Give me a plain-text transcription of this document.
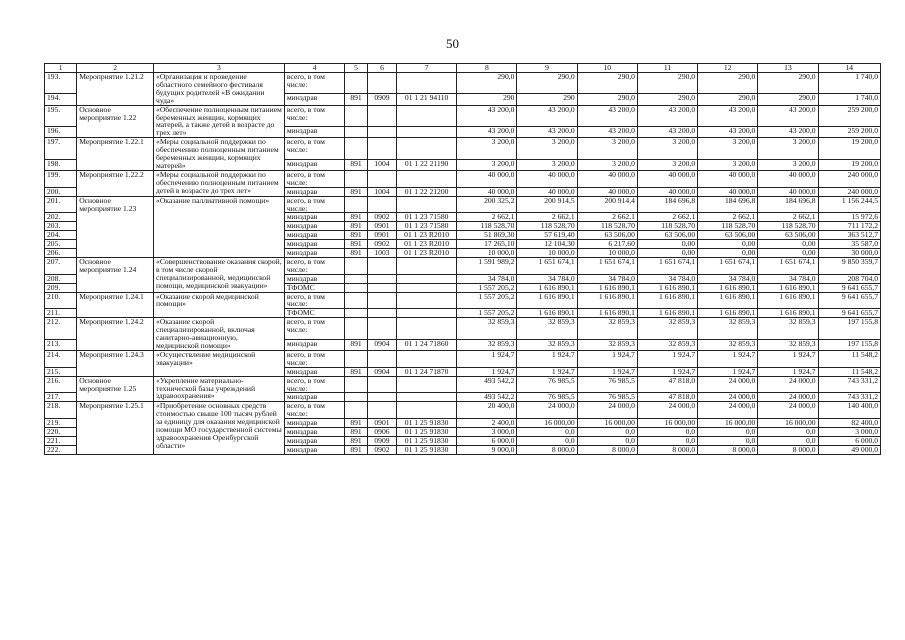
50
1	2	3	4	5	6	7	8	9	10	11	12	13	14
193.	Мероприятие 1.21.2	«Организация и проведение областного семейного фестиваля будущих родителей «В ожидании чуда»	всего, в том числе:				290,0	290,0	290,0	290,0	290,0	290,0	1 740,0
194.			минздрав	891	0909	01 1 21 94110	290	290	290,0	290,0	290,0	290,0	1 740,0
195.	Основное мероприятие 1.22	«Обеспечение полноценным питанием беременных женщин, кормящих матерей, а также детей в возрасте до трех лет»	всего, в том числе:				43 200,0	43 200,0	43 200,0	43 200,0	43 200,0	43 200,0	259 200,0
196.			минздрав				43 200,0	43 200,0	43 200,0	43 200,0	43 200,0	43 200,0	259 200,0
197.	Мероприятие 1.22.1	«Меры социальной поддержки по обеспечению полноценным питанием беременных женщин, кормящих матерей»	всего, в том числе:				3 200,0	3 200,0	3 200,0	3 200,0	3 200,0	3 200,0	19 200,0
198.			минздрав	891	1004	01 1 22 21190	3 200,0	3 200,0	3 200,0	3 200,0	3 200,0	3 200,0	19 200,0
199.	Мероприятие 1.22.2	«Меры социальной поддержки по обеспечению полноценным питанием детей в возрасте до трех лет»	всего, в том числе:				40 000,0	40 000,0	40 000,0	40 000,0	40 000,0	40 000,0	240 000,0
200.			минздрав	891	1004	01 1 22 21200	40 000,0	40 000,0	40 000,0	40 000,0	40 000,0	40 000,0	240 000,0
201.	Основное мероприятие 1.23	«Оказание паллиативной помощи»	всего, в том числе:				200 325,2	200 914,5	200 914,4	184 696,8	184 696,8	184 696,8	1 156 244,5
202.			минздрав	891	0902	01 1 23 71580	2 662,1	2 662,1	2 662,1	2 662,1	2 662,1	2 662,1	15 972,6
203.			минздрав	891	0901	01 1 23 71580	118 528,70	118 528,70	118 528,70	118 528,70	118 528,70	118 528,70	711 172,2
204.			минздрав	891	0901	01 1 23 R2010	51 869,30	57 619,40	63 506,00	63 506,00	63 506,00	63 506,00	363 512,7
205.			минздрав	891	0902	01 1 23 R2010	17 265,10	12 104,30	6 217,60	0,00	0,00	0,00	35 587,0
206.			минздрав	891	1003	01 1 23 R2010	10 000,0	10 000,0	10 000,0	0,00	0,00	0,00	30 000,0
207.	Основное мероприятие 1.24	«Совершенствование оказания скорой, в том числе скорой специализированной, медицинской помощи, медицинской эвакуации»	всего, в том числе:				1 591 989,2	1 651 674,1	1 651 674,1	1 651 674,1	1 651 674,1	1 651 674,1	9 850 359,7
208.			минздрав				34 784,0	34 784,0	34 784,0	34 784,0	34 784,0	34 784,0	208 704,0
209.			ТФОМС				1 557 205,2	1 616 890,1	1 616 890,1	1 616 890,1	1 616 890,1	1 616 890,1	9 641 655,7
210.	Мероприятие 1.24.1	«Оказание скорой медицинской помощи»	всего, в том числе:				1 557 205,2	1 616 890,1	1 616 890,1	1 616 890,1	1 616 890,1	1 616 890,1	9 641 655,7
211.			ТФОМС				1 557 205,2	1 616 890,1	1 616 890,1	1 616 890,1	1 616 890,1	1 616 890,1	9 641 655,7
212.	Мероприятие 1.24.2	«Оказание скорой специализированной, включая санитарно-авиационную, медицинской помощи»	всего, в том числе:				32 859,3	32 859,3	32 859,3	32 859,3	32 859,3	32 859,3	197 155,8
213.			минздрав	891	0904	01 1 24 71860	32 859,3	32 859,3	32 859,3	32 859,3	32 859,3	32 859,3	197 155,8
214.	Мероприятие 1.24.3	«Осуществление медицинской эвакуации»	всего, в том числе:				1 924,7	1 924,7	1 924,7	1 924,7	1 924,7	1 924,7	11 548,2
215.			минздрав	891	0904	01 1 24 71870	1 924,7	1 924,7	1 924,7	1 924,7	1 924,7	1 924,7	11 548,2
216.	Основное мероприятие 1.25	«Укрепление материально-технической базы учреждений здравоохранения»	всего, в том числе:				493 542,2	76 985,5	76 985,5	47 818,0	24 000,0	24 000,0	743 331,2
217.			минздрав				493 542,2	76 985,5	76 985,5	47 818,0	24 000,0	24 000,0	743 331,2
218.	Мероприятие 1.25.1	«Приобретение основных средств стоимостью свыше 100 тысяч рублей за единицу для оказания медицинской помощи МО государственной системы здравоохранения Оренбургской области»	всего, в том числе:				20 400,0	24 000,0	24 000,0	24 000,0	24 000,0	24 000,0	140 400,0
219.			минздрав	891	0901	01 1 25 91830	2 400,0	16 000,00	16 000,00	16 000,00	16 000,00	16 000,00	82 400,0
220.			минздрав	891	0906	01 1 25 91830	3 000,0	0,0	0,0	0,0	0,0	0,0	3 000,0
221.			минздрав	891	0909	01 1 25 91830	6 000,0	0,0	0,0	0,0	0,0	0,0	6 000,0
222.			минздрав	891	0902	01 1 25 91830	9 000,0	8 000,0	8 000,0	8 000,0	8 000,0	8 000,0	49 000,0
